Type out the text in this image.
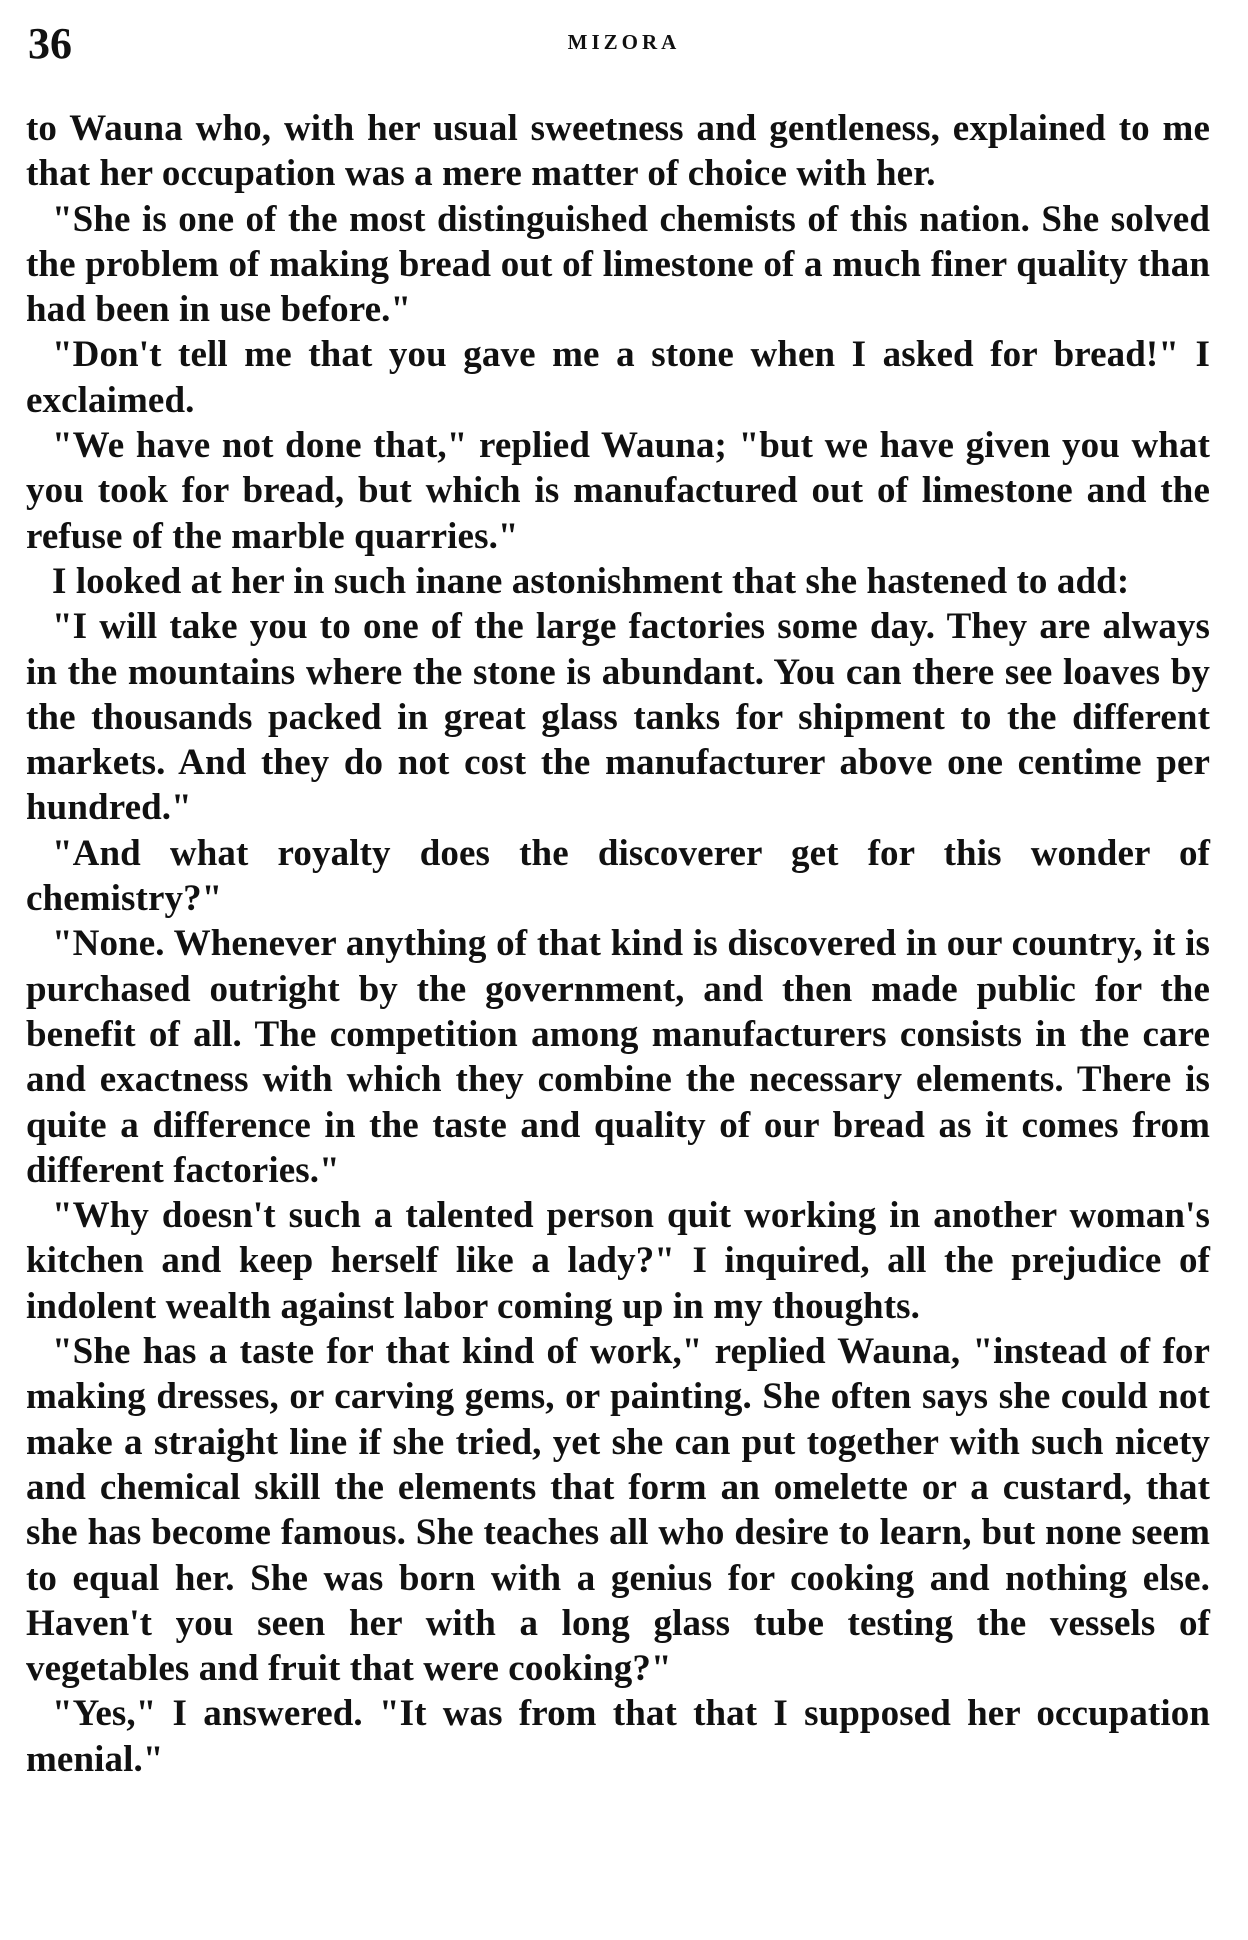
36	MIZORA

to Wauna who, with her usual sweetness and gentleness, explained to me that her occupation was a mere matter of choice with her.

"She is one of the most distinguished chemists of this nation. She solved the problem of making bread out of limestone of a much finer quality than had been in use before."

"Don't tell me that you gave me a stone when I asked for bread!" I exclaimed.

"We have not done that," replied Wauna; "but we have given you what you took for bread, but which is manufactured out of limestone and the refuse of the marble quarries."

I looked at her in such inane astonishment that she hastened to add:

"I will take you to one of the large factories some day. They are always in the mountains where the stone is abundant. You can there see loaves by the thousands packed in great glass tanks for shipment to the different markets. And they do not cost the manufacturer above one centime per hundred."

"And what royalty does the discoverer get for this wonder of chemistry?"

"None. Whenever anything of that kind is discovered in our country, it is purchased outright by the government, and then made public for the benefit of all. The competition among manufacturers consists in the care and exactness with which they combine the necessary elements. There is quite a difference in the taste and quality of our bread as it comes from different factories."

"Why doesn't such a talented person quit working in another woman's kitchen and keep herself like a lady?" I inquired, all the prejudice of indolent wealth against labor coming up in my thoughts.

"She has a taste for that kind of work," replied Wauna, "instead of for making dresses, or carving gems, or painting. She often says she could not make a straight line if she tried, yet she can put together with such nicety and chemical skill the elements that form an omelette or a custard, that she has become famous. She teaches all who desire to learn, but none seem to equal her. She was born with a genius for cooking and nothing else. Haven't you seen her with a long glass tube testing the vessels of vegetables and fruit that were cooking?"

"Yes," I answered. "It was from that that I supposed her occupation menial."
